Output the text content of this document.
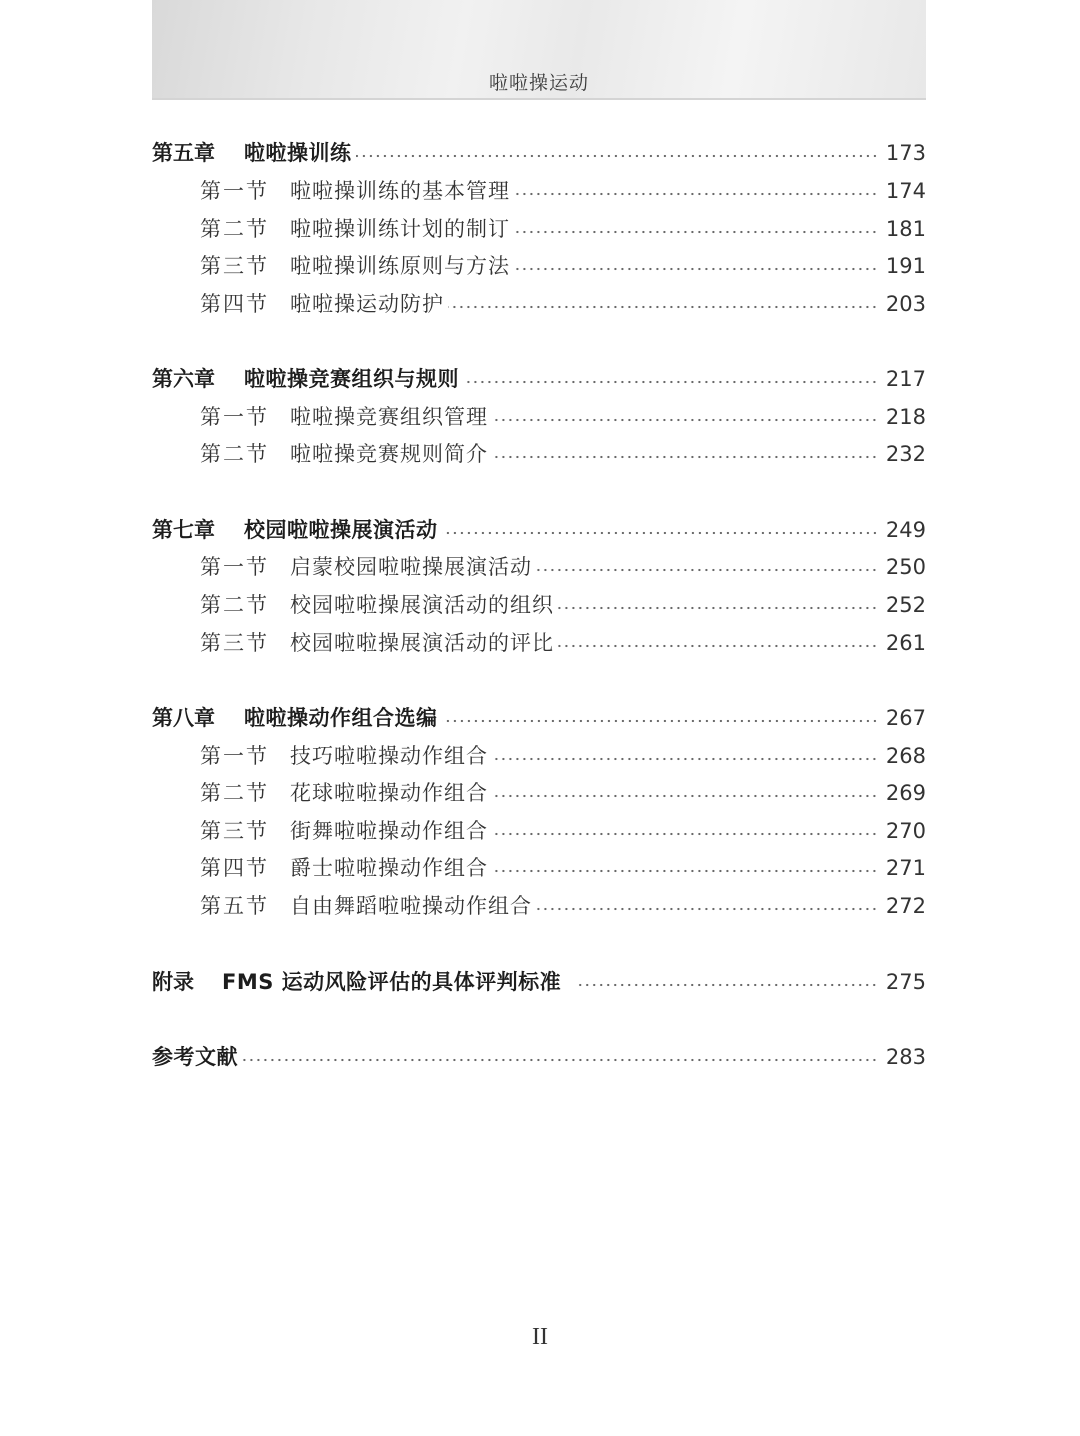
啦啦操运动
第五章	啦啦操训练	173
第一节	啦啦操训练的基本管理	174
第二节	啦啦操训练计划的制订	181
第三节	啦啦操训练原则与方法	191
第四节	啦啦操运动防护	203
第六章	啦啦操竞赛组织与规则	217
第一节	啦啦操竞赛组织管理	218
第二节	啦啦操竞赛规则简介	232
第七章	校园啦啦操展演活动	249
第一节	启蒙校园啦啦操展演活动	250
第二节	校园啦啦操展演活动的组织	252
第三节	校园啦啦操展演活动的评比	261
第八章	啦啦操动作组合选编	267
第一节	技巧啦啦操动作组合	268
第二节	花球啦啦操动作组合	269
第三节	街舞啦啦操动作组合	270
第四节	爵士啦啦操动作组合	271
第五节	自由舞蹈啦啦操动作组合	272
附录	FMS 运动风险评估的具体评判标准	275
参考文献	283
II
